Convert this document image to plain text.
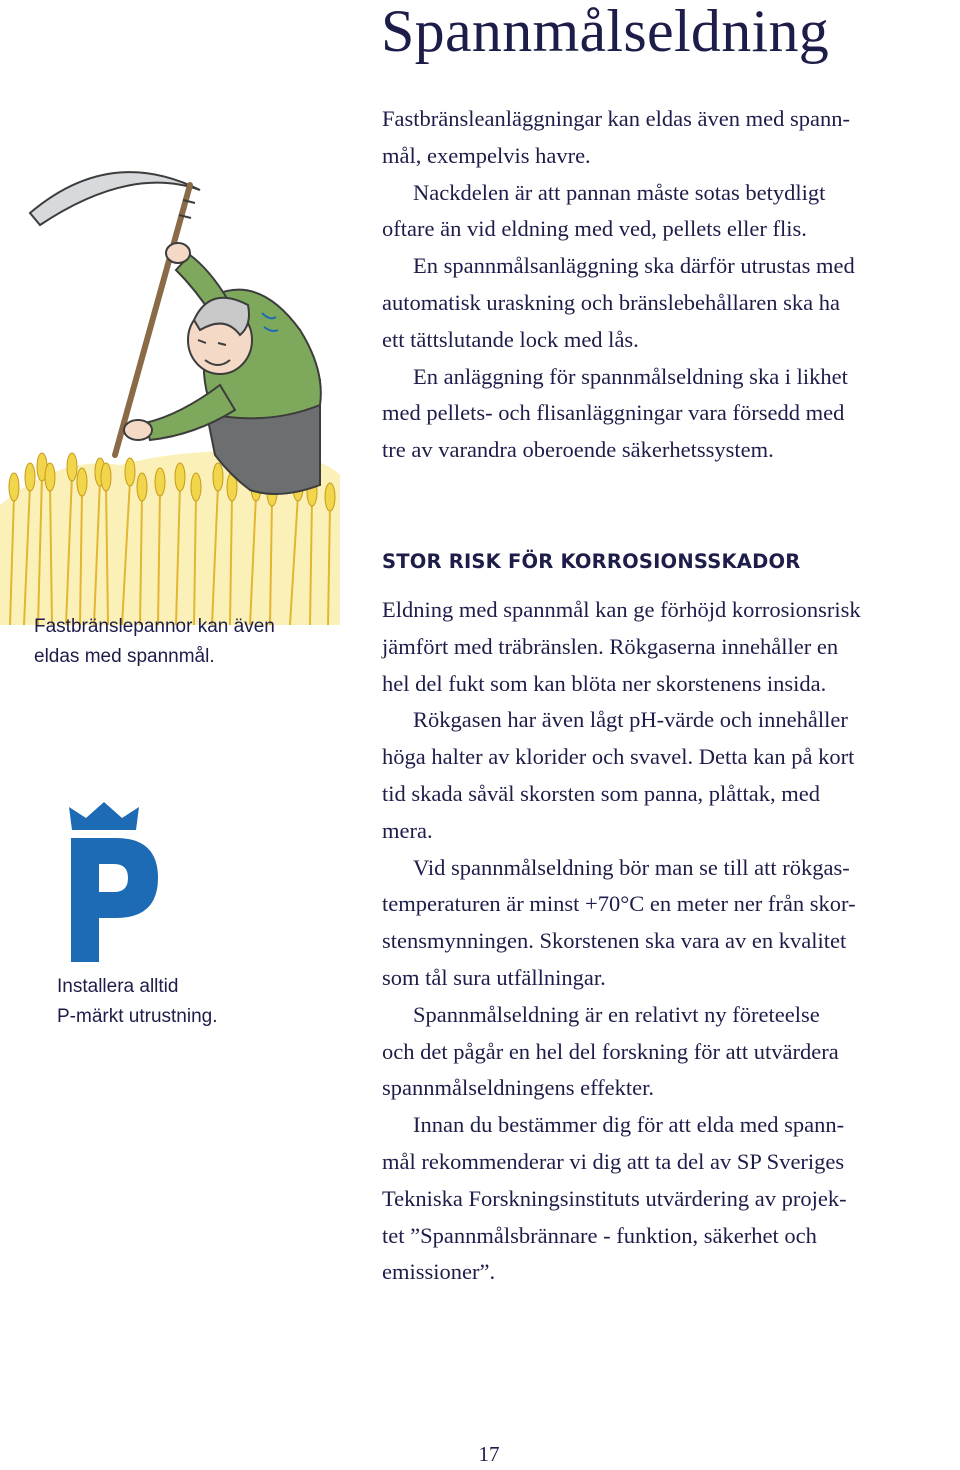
Spannmålseldning

Fastbränsleanläggningar kan eldas även med spann-
mål, exempelvis havre.

Nackdelen är att pannan måste sotas betydligt
oftare än vid eldning med ved, pellets eller flis.

En spannmålsanläggning ska därför utrustas med
automatisk uraskning och bränslebehållaren ska ha
ett tättslutande lock med lås.

En anläggning för spannmålseldning ska i likhet
med pellets- och flisanläggningar vara försedd med
tre av varandra oberoende säkerhetssystem.

Fastbränslepannor kan även
eldas med spannmål.

STOR RISK FÖR KORROSIONSSKADOR

Eldning med spannmål kan ge förhöjd korrosionsrisk
jämfört med träbränslen. Rökgaserna innehåller en
hel del fukt som kan blöta ner skorstenens insida.

Rökgasen har även lågt pH-värde och innehåller
höga halter av klorider och svavel. Detta kan på kort
tid skada såväl skorsten som panna, plåttak, med
mera.

Vid spannmålseldning bör man se till att rökgas-
temperaturen är minst +70°C en meter ner från skor-
stensmynningen. Skorstenen ska vara av en kvalitet
som tål sura utfällningar.

Spannmålseldning är en relativt ny företeelse
och det pågår en hel del forskning för att utvärdera
spannmålseldningens effekter.

Innan du bestämmer dig för att elda med spann-
mål rekommenderar vi dig att ta del av SP Sveriges
Tekniska Forskningsinstituts utvärdering av projek-
tet ”Spannmålsbrännare - funktion, säkerhet och
emissioner”.

Installera alltid
P-märkt utrustning.

17
